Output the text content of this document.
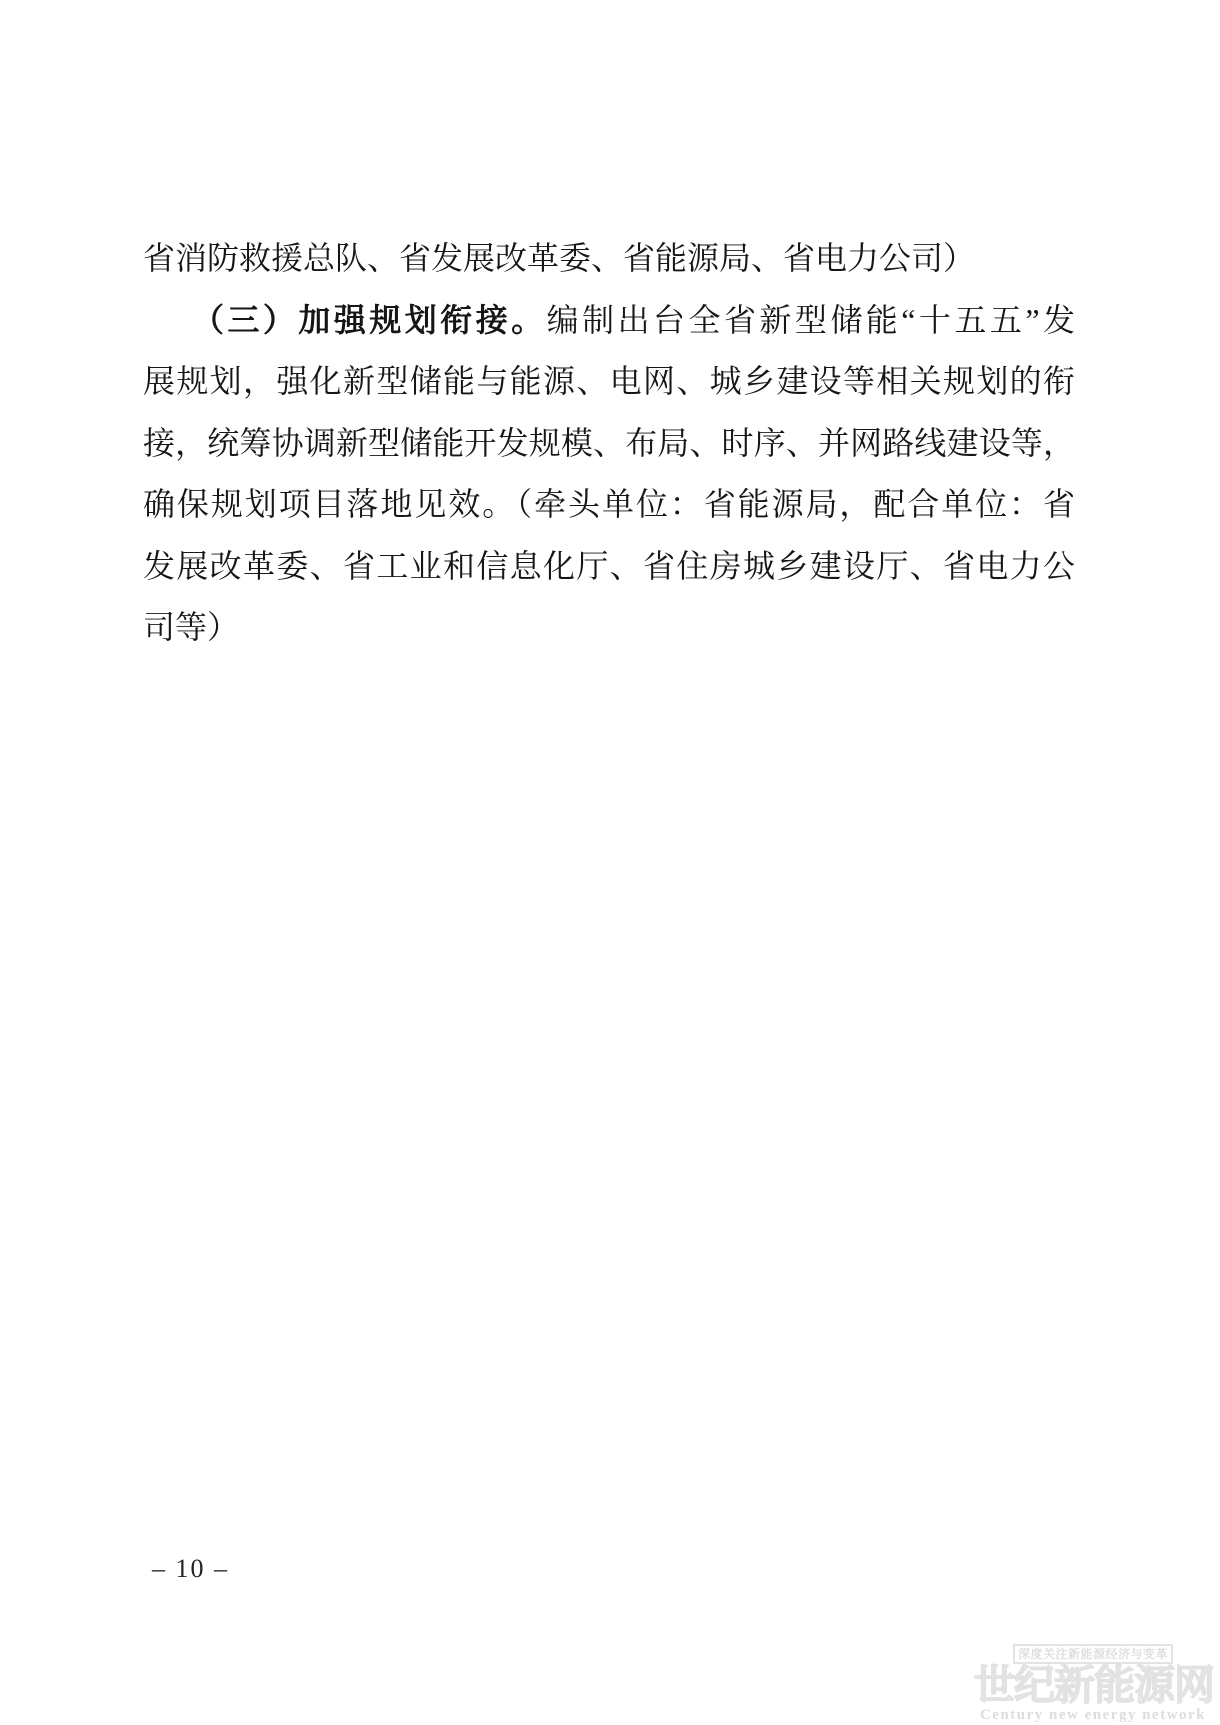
省消防救援总队、省发展改革委、省能源局、省电力公司）
（三）加强规划衔接。编制出台全省新型储能“十五五”发
展规划，强化新型储能与能源、电网、城乡建设等相关规划的衔
接，统筹协调新型储能开发规模、布局、时序、并网路线建设等，
确保规划项目落地见效。（牵头单位：省能源局，配合单位：省
发展改革委、省工业和信息化厅、省住房城乡建设厅、省电力公
司等）
– 10 –
深度关注新能源经济与变革
世纪新能源网
Century new energy network
